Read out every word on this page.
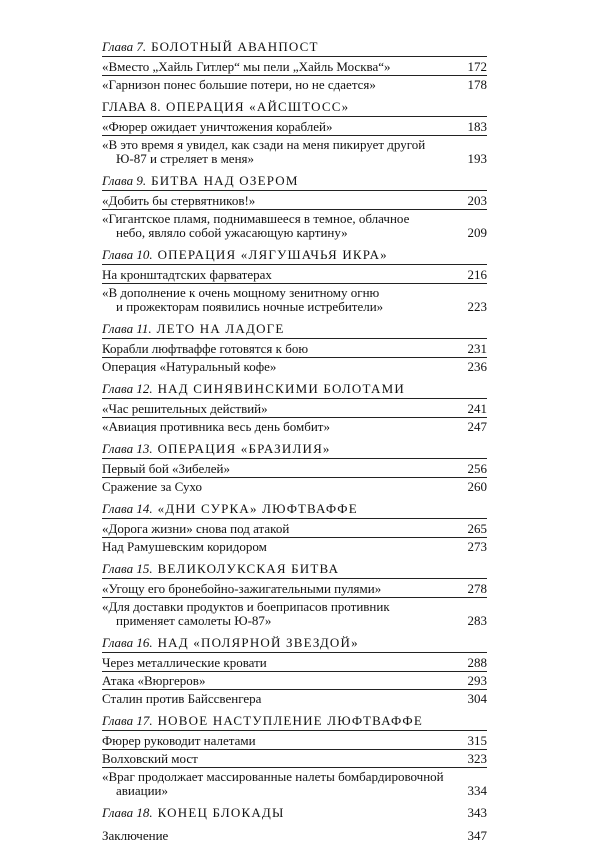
Глава 7. БОЛОТНЫЙ АВАНПОСТ
«Вместо „Хайль Гитлер“ мы пели „Хайль Москва“»	172
«Гарнизон понес большие потери, но не сдается»	178
ГЛАВА 8. ОПЕРАЦИЯ «АЙСШТОСС»
«Фюрер ожидает уничтожения кораблей»	183
«В это время я увидел, как сзади на меня пикирует другой
Ю-87 и стреляет в меня»	193
Глава 9. БИТВА НАД ОЗЕРОМ
«Добить бы стервятников!»	203
«Гигантское пламя, поднимавшееся в темное, облачное
небо, являло собой ужасающую картину»	209
Глава 10. ОПЕРАЦИЯ «ЛЯГУШАЧЬЯ ИКРА»
На кронштадтских фарватерах	216
«В дополнение к очень мощному зенитному огню
и прожекторам появились ночные истребители»	223
Глава 11. ЛЕТО НА ЛАДОГЕ
Корабли люфтваффе готовятся к бою	231
Операция «Натуральный кофе»	236
Глава 12. НАД СИНЯВИНСКИМИ БОЛОТАМИ
«Час решительных действий»	241
«Авиация противника весь день бомбит»	247
Глава 13. ОПЕРАЦИЯ «БРАЗИЛИЯ»
Первый бой «Зибелей»	256
Сражение за Сухо	260
Глава 14. «ДНИ СУРКА» ЛЮФТВАФФЕ
«Дорога жизни» снова под атакой	265
Над Рамушевским коридором	273
Глава 15. ВЕЛИКОЛУКСКАЯ БИТВА
«Угощу его бронебойно-зажигательными пулями»	278
«Для доставки продуктов и боеприпасов противник
применяет самолеты Ю-87»	283
Глава 16. НАД «ПОЛЯРНОЙ ЗВЕЗДОЙ»
Через металлические кровати	288
Атака «Вюргеров»	293
Сталин против Байссвенгера	304
Глава 17. НОВОЕ НАСТУПЛЕНИЕ ЛЮФТВАФФЕ
Фюрер руководит налетами	315
Волховский мост	323
«Враг продолжает массированные налеты бомбардировочной
авиации»	334
Глава 18. КОНЕЦ БЛОКАДЫ	343
Заключение	347
